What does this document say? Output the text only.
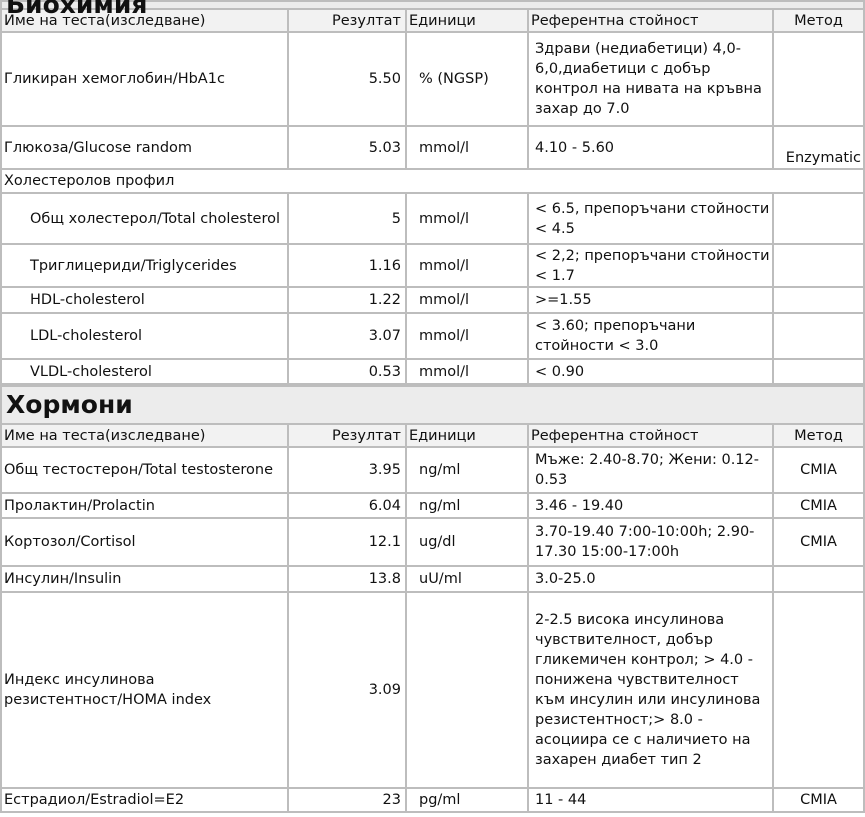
Име на теста(изследване)	Резултат	Единици	Референтна стойност	Метод
Гликиран хемоглобин/HbA1c	5.50	% (NGSP)	Здрави (недиабетици) 4,0-6,0,диабетици с добър контрол на нивата на кръвна захар до 7.0	
Глюкоза/Glucose random	5.03	mmol/l	4.10 - 5.60	Enzymatic
Холестеролов профил				
Общ холестерол/Total cholesterol	5	mmol/l	< 6.5, препоръчани стойности < 4.5	
Триглицериди/Triglycerides	1.16	mmol/l	< 2,2; препоръчани стойности < 1.7	
HDL-cholesterol	1.22	mmol/l	>=1.55	
LDL-cholesterol	3.07	mmol/l	< 3.60; препоръчани стойности < 3.0	
VLDL-cholesterol	0.53	mmol/l	< 0.90	
Хормони				
Име на теста(изследване)	Резултат	Единици	Референтна стойност	Метод
Общ тестостерон/Total testosterone	3.95	ng/ml	Мъже: 2.40-8.70; Жени: 0.12-0.53	CMIA
Пролактин/Prolactin	6.04	ng/ml	3.46 - 19.40	CMIA
Кортозол/Cortisol	12.1	ug/dl	3.70-19.40 7:00-10:00h; 2.90-17.30 15:00-17:00h	CMIA
Инсулин/Insulin	13.8	uU/ml	3.0-25.0	
Индекс инсулинова резистентност/HOMA index	3.09		2-2.5 висока инсулинова чувствителност, добър гликемичен контрол; > 4.0 - понижена чувствителност към инсулин или инсулинова резистентност;> 8.0 - асоциира се с наличието на захарен диабет тип 2	
Естрадиол/Estradiol=E2	23	pg/ml	11 - 44	CMIA
